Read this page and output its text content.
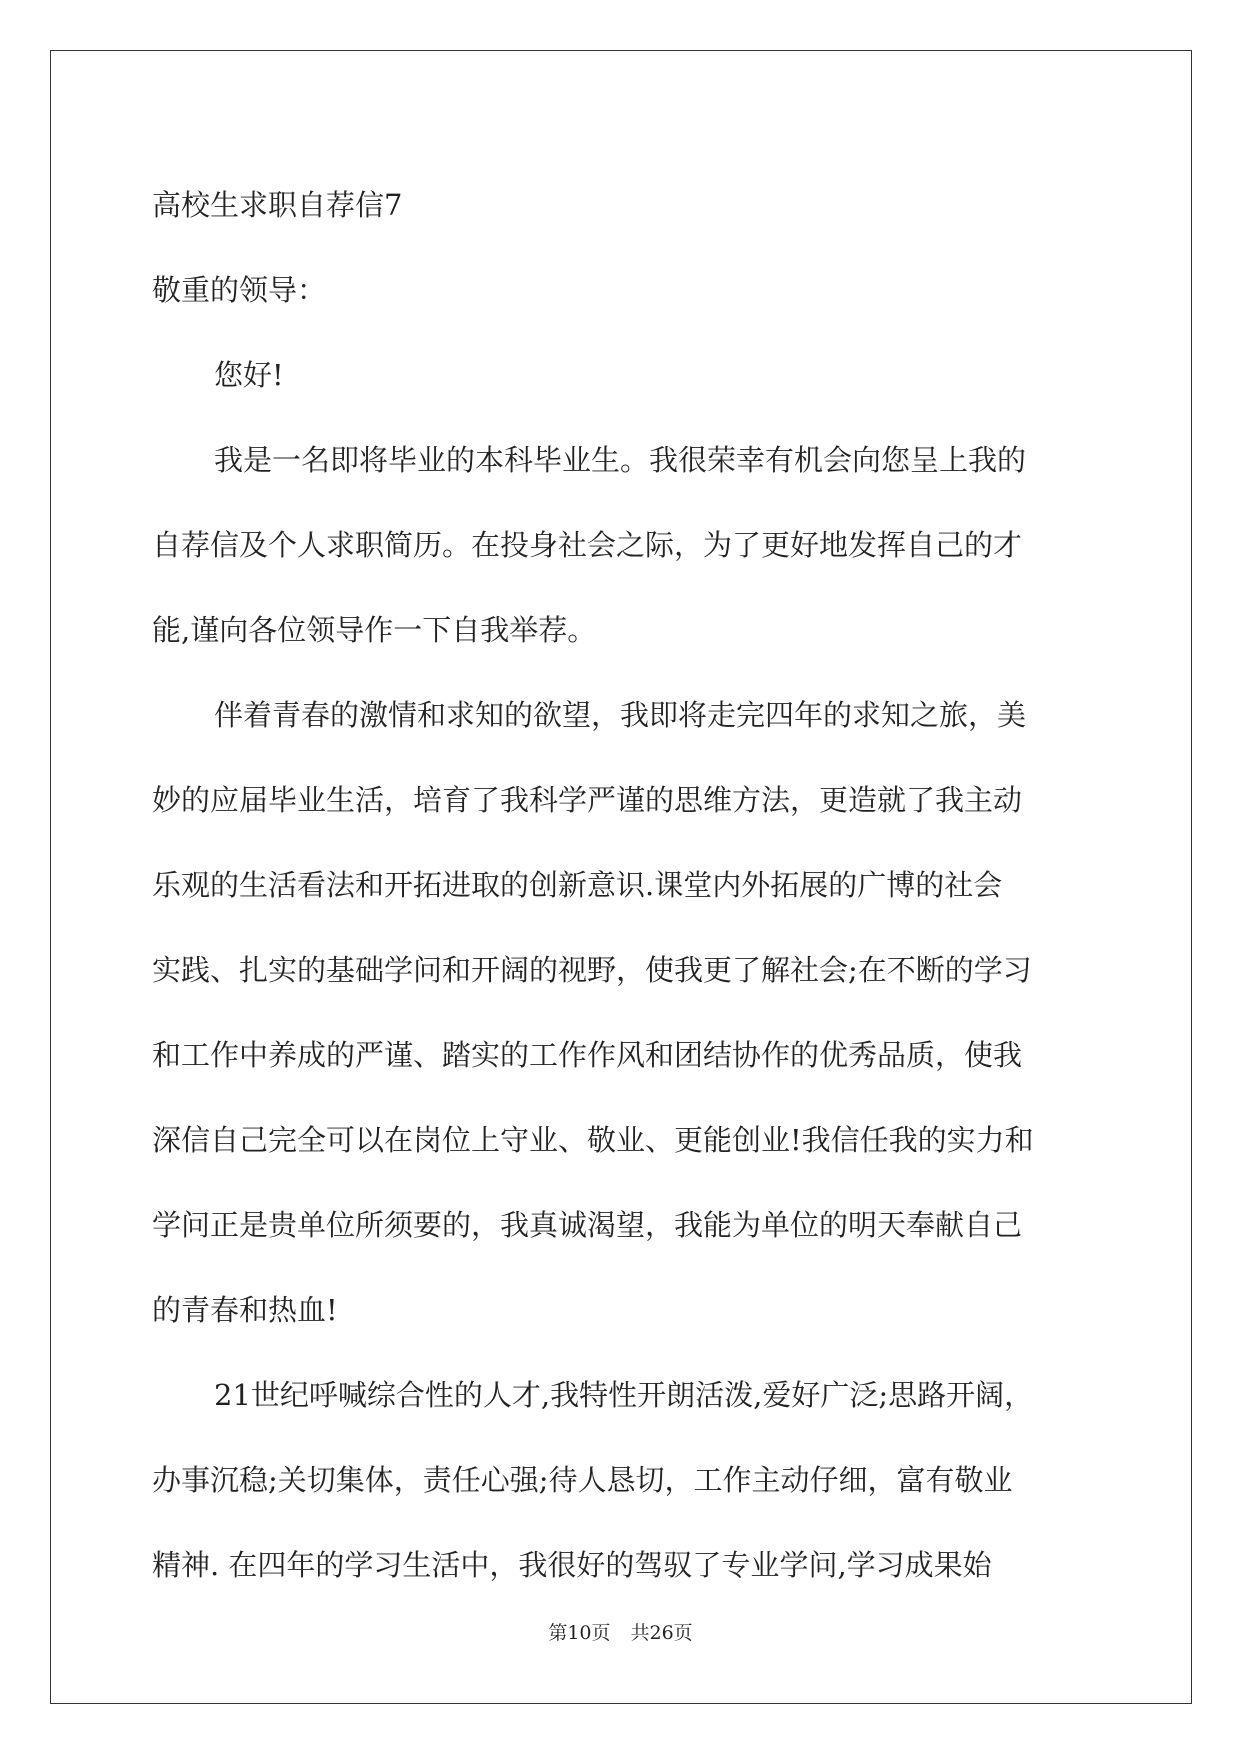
高校生求职自荐信7
敬重的领导：
您好!
我是一名即将毕业的本科毕业生。我很荣幸有机会向您呈上我的
自荐信及个人求职简历。在投身社会之际，为了更好地发挥自己的才
能,谨向各位领导作一下自我举荐。
伴着青春的激情和求知的欲望，我即将走完四年的求知之旅，美
妙的应届毕业生活，培育了我科学严谨的思维方法，更造就了我主动
乐观的生活看法和开拓进取的创新意识.课堂内外拓展的广博的社会
实践、扎实的基础学问和开阔的视野，使我更了解社会;在不断的学习
和工作中养成的严谨、踏实的工作作风和团结协作的优秀品质，使我
深信自己完全可以在岗位上守业、敬业、更能创业!我信任我的实力和
学问正是贵单位所须要的，我真诚渴望，我能为单位的明天奉献自己
的青春和热血!
21世纪呼喊综合性的人才,我特性开朗活泼,爱好广泛;思路开阔，
办事沉稳;关切集体，责任心强;待人恳切，工作主动仔细，富有敬业
精神. 在四年的学习生活中，我很好的驾驭了专业学问,学习成果始
第10页 共26页
